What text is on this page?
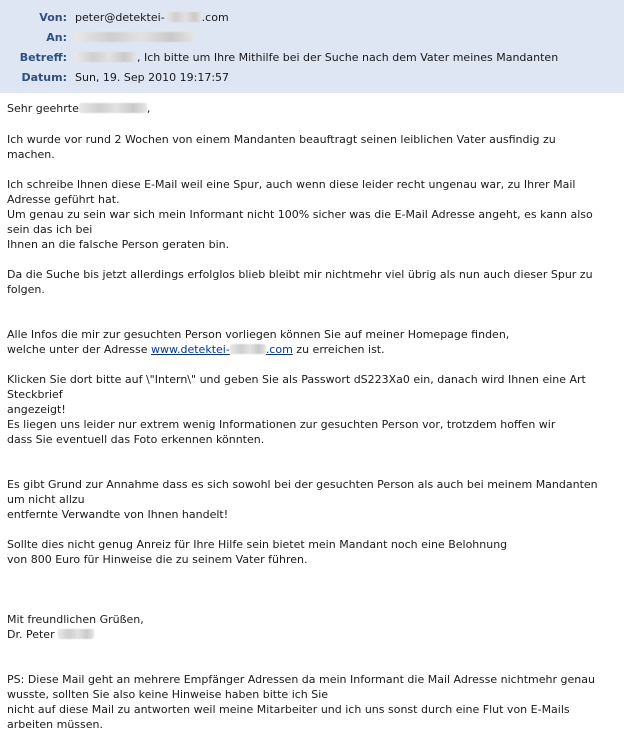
Von: peter@detektei-	.com
An:
Betreff:	, Ich bitte um Ihre Mithilfe bei der Suche nach dem Vater meines Mandanten
Datum: Sun, 19. Sep 2010 19:17:57
Sehr geehrte	,
Ich wurde vor rund 2 Wochen von einem Mandanten beauftragt seinen leiblichen Vater ausfindig zu
machen.
Ich schreibe Ihnen diese E-Mail weil eine Spur, auch wenn diese leider recht ungenau war, zu Ihrer Mail
Adresse geführt hat.
Um genau zu sein war sich mein Informant nicht 100% sicher was die E-Mail Adresse angeht, es kann also
sein das ich bei
Ihnen an die falsche Person geraten bin.
Da die Suche bis jetzt allerdings erfolglos blieb bleibt mir nichtmehr viel übrig als nun auch dieser Spur zu
folgen.
Alle Infos die mir zur gesuchten Person vorliegen können Sie auf meiner Homepage finden,
welche unter der Adresse www.detektei-	.com zu erreichen ist.
Klicken Sie dort bitte auf \"Intern\" und geben Sie als Passwort dS223Xa0 ein, danach wird Ihnen eine Art
Steckbrief
angezeigt!
Es liegen uns leider nur extrem wenig Informationen zur gesuchten Person vor, trotzdem hoffen wir
dass Sie eventuell das Foto erkennen könnten.
Es gibt Grund zur Annahme dass es sich sowohl bei der gesuchten Person als auch bei meinem Mandanten
um nicht allzu
entfernte Verwandte von Ihnen handelt!
Sollte dies nicht genug Anreiz für Ihre Hilfe sein bietet mein Mandant noch eine Belohnung
von 800 Euro für Hinweise die zu seinem Vater führen.
Mit freundlichen Grüßen,
Dr. Peter
PS: Diese Mail geht an mehrere Empfänger Adressen da mein Informant die Mail Adresse nichtmehr genau
wusste, sollten Sie also keine Hinweise haben bitte ich Sie
nicht auf diese Mail zu antworten weil meine Mitarbeiter und ich uns sonst durch eine Flut von E-Mails
arbeiten müssen.
